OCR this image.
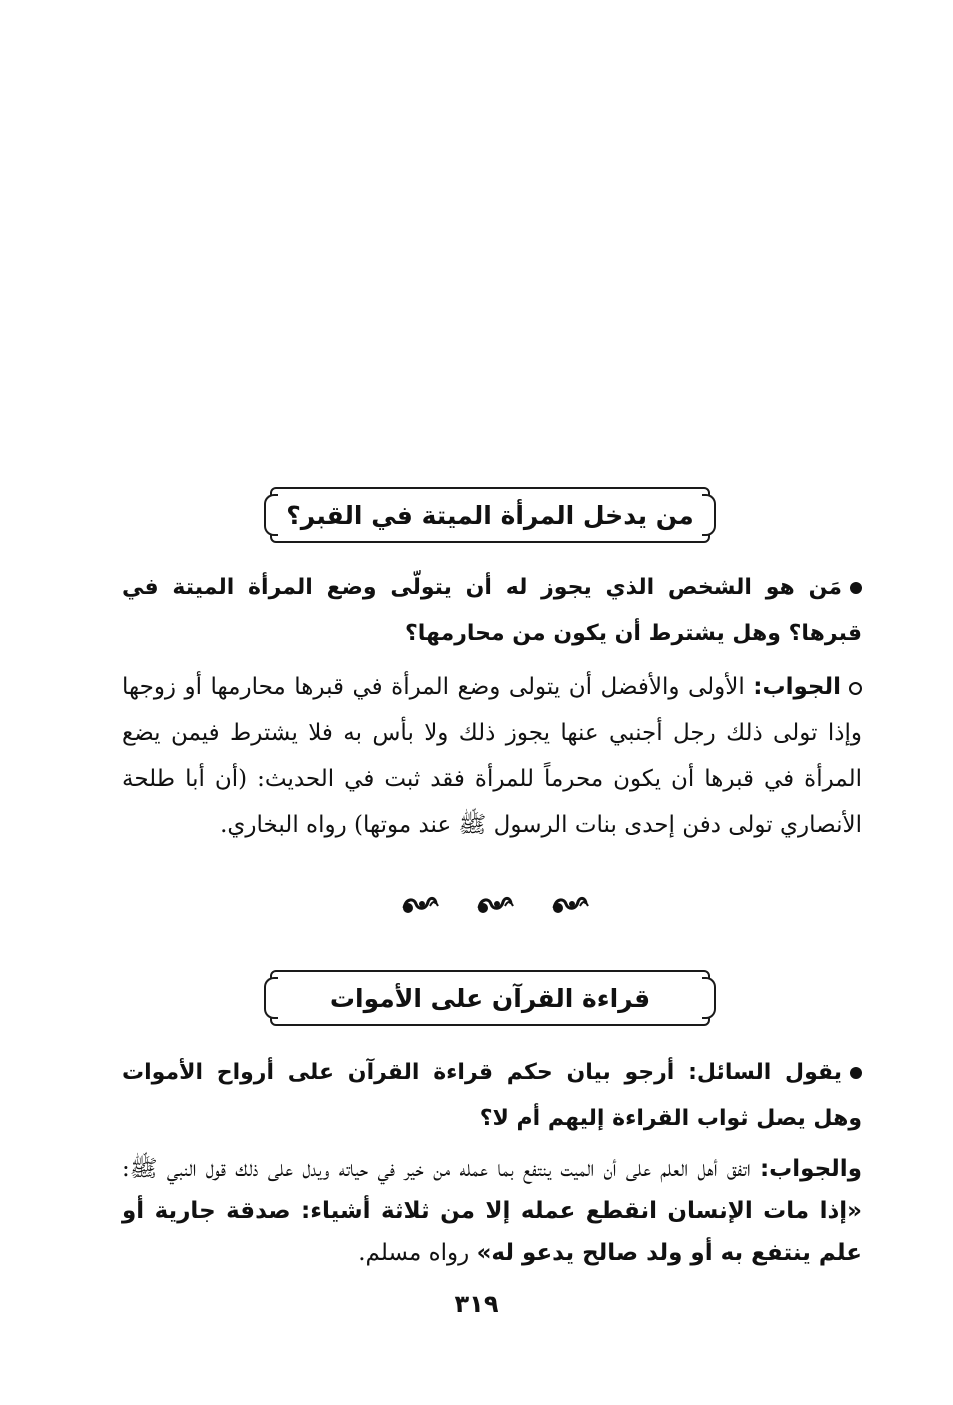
من يدخل المرأة الميتة في القبر؟

مَن هو الشخص الذي يجوز له أن يتولّى وضع المرأة الميتة في قبرها؟ وهل يشترط أن يكون من محارمها؟

الجواب: الأولى والأفضل أن يتولى وضع المرأة في قبرها محارمها أو زوجها وإذا تولى ذلك رجل أجنبي عنها يجوز ذلك ولا بأس به فلا يشترط فيمن يضع المرأة في قبرها أن يكون محرماً للمرأة فقد ثبت في الحديث: (أن أبا طلحة الأنصاري تولى دفن إحدى بنات الرسول ﷺ عند موتها) رواه البخاري.

قراءة القرآن على الأموات

يقول السائل: أرجو بيان حكم قراءة القرآن على أرواح الأموات وهل يصل ثواب القراءة إليهم أم لا؟

والجواب: اتفق أهل العلم على أن الميت ينتفع بما عمله من خير في حياته ويدل على ذلك قول النبي ﷺ: «إذا مات الإنسان انقطع عمله إلا من ثلاثة أشياء: صدقة جارية أو علم ينتفع به أو ولد صالح يدعو له» رواه مسلم.

٣١٩
